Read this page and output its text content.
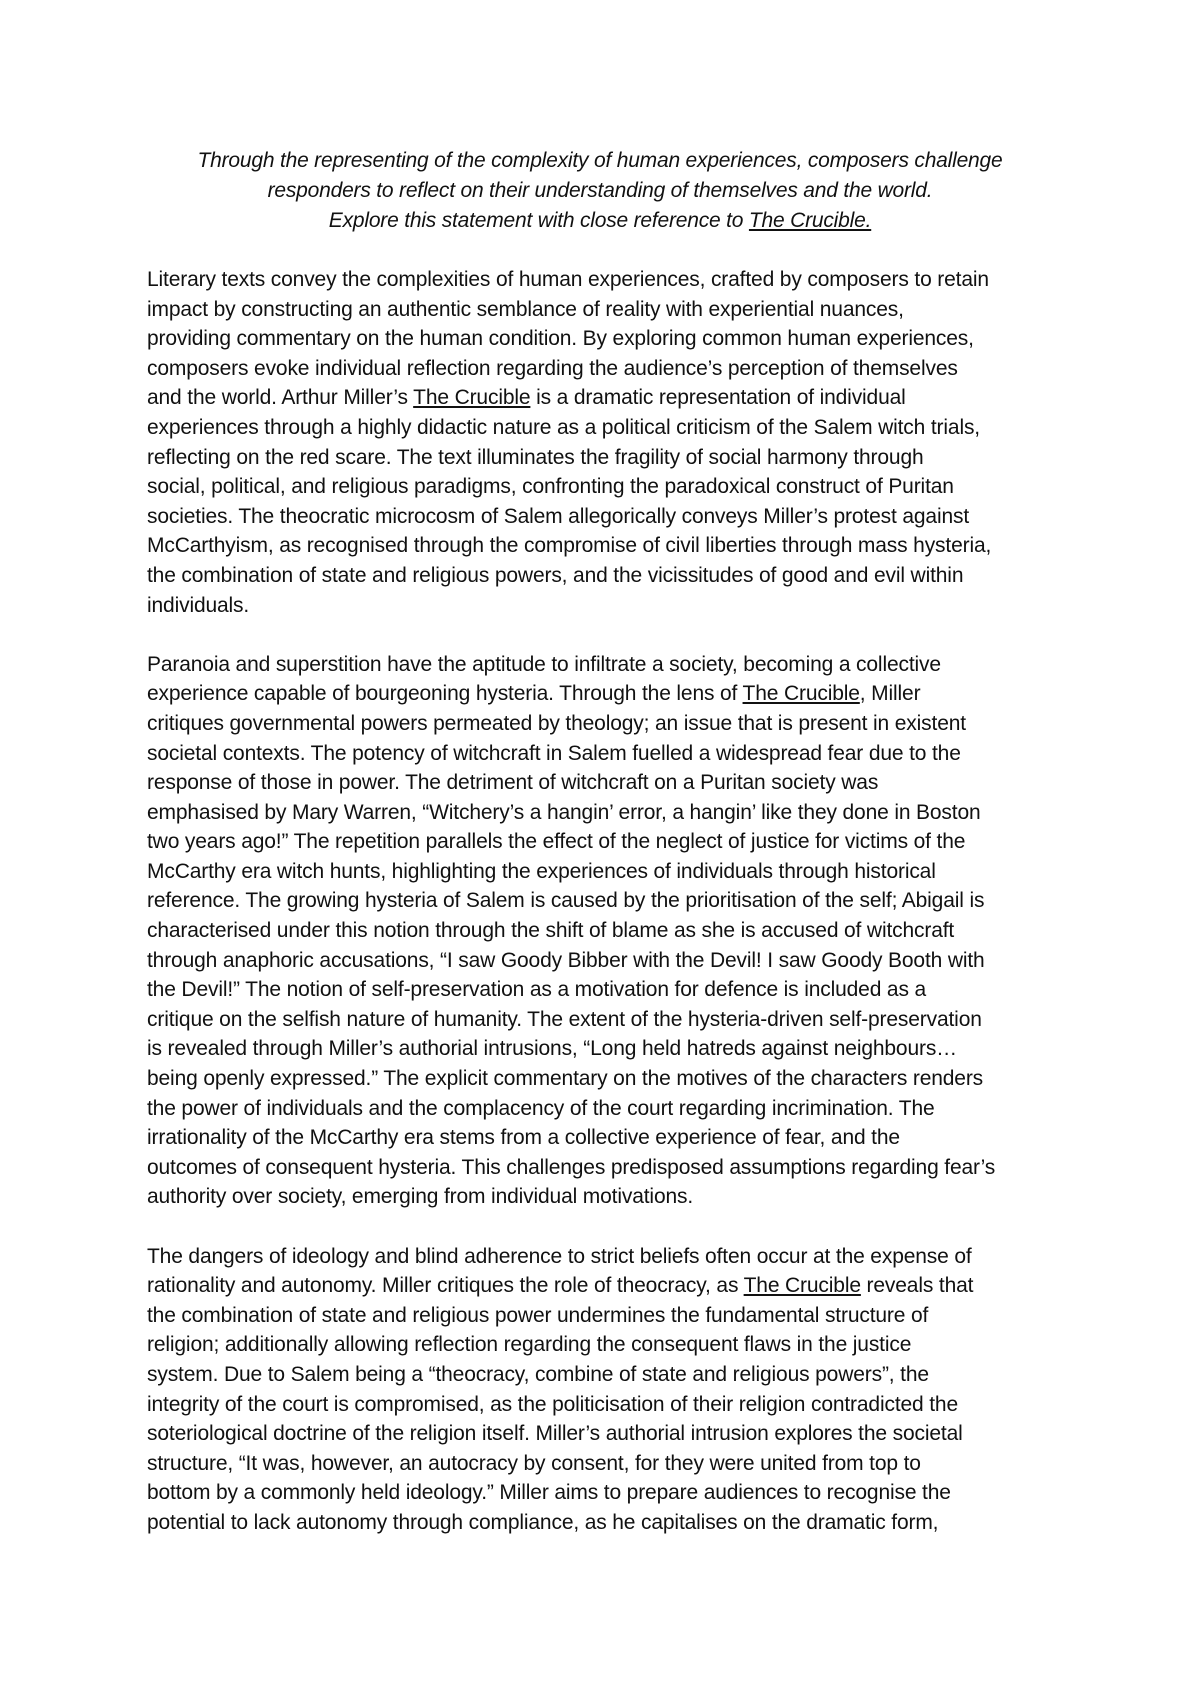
Through the representing of the complexity of human experiences, composers challenge
responders to reflect on their understanding of themselves and the world.
Explore this statement with close reference to The Crucible.

Literary texts convey the complexities of human experiences, crafted by composers to retain
impact by constructing an authentic semblance of reality with experiential nuances,
providing commentary on the human condition. By exploring common human experiences,
composers evoke individual reflection regarding the audience’s perception of themselves
and the world. Arthur Miller’s The Crucible is a dramatic representation of individual
experiences through a highly didactic nature as a political criticism of the Salem witch trials,
reflecting on the red scare. The text illuminates the fragility of social harmony through
social, political, and religious paradigms, confronting the paradoxical construct of Puritan
societies. The theocratic microcosm of Salem allegorically conveys Miller’s protest against
McCarthyism, as recognised through the compromise of civil liberties through mass hysteria,
the combination of state and religious powers, and the vicissitudes of good and evil within
individuals.

Paranoia and superstition have the aptitude to infiltrate a society, becoming a collective
experience capable of bourgeoning hysteria. Through the lens of The Crucible, Miller
critiques governmental powers permeated by theology; an issue that is present in existent
societal contexts. The potency of witchcraft in Salem fuelled a widespread fear due to the
response of those in power. The detriment of witchcraft on a Puritan society was
emphasised by Mary Warren, “Witchery’s a hangin’ error, a hangin’ like they done in Boston
two years ago!” The repetition parallels the effect of the neglect of justice for victims of the
McCarthy era witch hunts, highlighting the experiences of individuals through historical
reference. The growing hysteria of Salem is caused by the prioritisation of the self; Abigail is
characterised under this notion through the shift of blame as she is accused of witchcraft
through anaphoric accusations, “I saw Goody Bibber with the Devil! I saw Goody Booth with
the Devil!” The notion of self-preservation as a motivation for defence is included as a
critique on the selfish nature of humanity. The extent of the hysteria-driven self-preservation
is revealed through Miller’s authorial intrusions, “Long held hatreds against neighbours…
being openly expressed.” The explicit commentary on the motives of the characters renders
the power of individuals and the complacency of the court regarding incrimination. The
irrationality of the McCarthy era stems from a collective experience of fear, and the
outcomes of consequent hysteria. This challenges predisposed assumptions regarding fear’s
authority over society, emerging from individual motivations.

The dangers of ideology and blind adherence to strict beliefs often occur at the expense of
rationality and autonomy. Miller critiques the role of theocracy, as The Crucible reveals that
the combination of state and religious power undermines the fundamental structure of
religion; additionally allowing reflection regarding the consequent flaws in the justice
system. Due to Salem being a “theocracy, combine of state and religious powers”, the
integrity of the court is compromised, as the politicisation of their religion contradicted the
soteriological doctrine of the religion itself. Miller’s authorial intrusion explores the societal
structure, “It was, however, an autocracy by consent, for they were united from top to
bottom by a commonly held ideology.” Miller aims to prepare audiences to recognise the
potential to lack autonomy through compliance, as he capitalises on the dramatic form,
